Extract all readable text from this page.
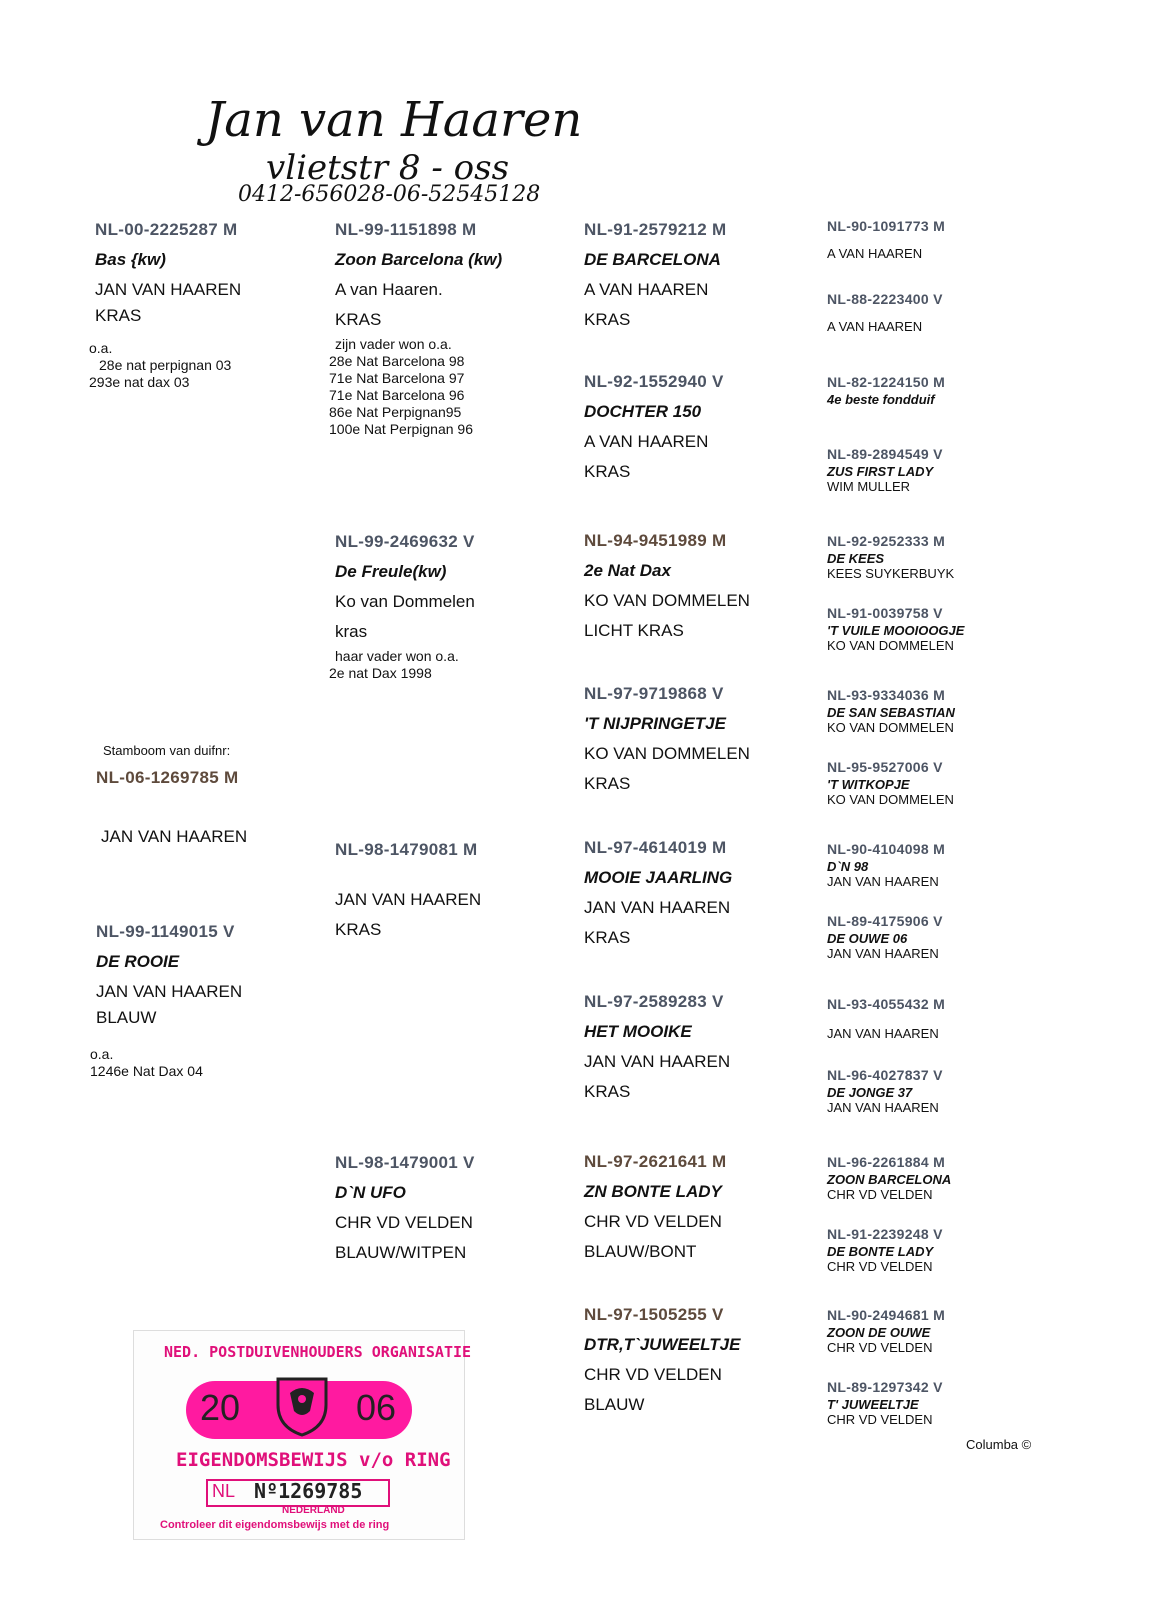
Jan van Haaren
vlietstr 8 - oss
0412-656028-06-52545128
Stamboom van duifnr:
NL-06-1269785 M
JAN VAN HAAREN
NL-00-2225287 M
Bas {kw)
JAN VAN HAAREN
KRAS
o.a.
28e nat perpignan 03
293e nat dax 03
NL-99-1149015 V
DE ROOIE
JAN VAN HAAREN
BLAUW
o.a.
1246e Nat Dax 04
NL-99-1151898 M
Zoon Barcelona (kw)
A van Haaren.
KRAS
zijn vader won o.a.
28e Nat Barcelona 98
71e Nat Barcelona 97
71e Nat Barcelona 96
86e Nat Perpignan95
100e Nat Perpignan 96
NL-99-2469632 V
De Freule(kw)
Ko van Dommelen
kras
haar vader won o.a.
2e nat Dax 1998
NL-98-1479081 M
JAN VAN HAAREN
KRAS
NL-98-1479001 V
D`N UFO
CHR VD VELDEN
BLAUW/WITPEN
NL-91-2579212 M
DE BARCELONA
A VAN HAAREN
KRAS
NL-92-1552940 V
DOCHTER 150
A VAN HAAREN
KRAS
NL-94-9451989 M
2e Nat Dax
KO VAN DOMMELEN
LICHT KRAS
NL-97-9719868 V
'T NIJPRINGETJE
KO VAN DOMMELEN
KRAS
NL-97-4614019 M
MOOIE JAARLING
JAN VAN HAAREN
KRAS
NL-97-2589283 V
HET MOOIKE
JAN VAN HAAREN
KRAS
NL-97-2621641 M
ZN BONTE LADY
CHR VD VELDEN
BLAUW/BONT
NL-97-1505255 V
DTR,T`JUWEELTJE
CHR VD VELDEN
BLAUW
NL-90-1091773 M
A VAN HAAREN
NL-88-2223400 V
A VAN HAAREN
NL-82-1224150 M
4e beste fondduif
NL-89-2894549 V
ZUS FIRST LADY
WIM MULLER
NL-92-9252333 M
DE KEES
KEES SUYKERBUYK
NL-91-0039758 V
'T VUILE MOOIOOGJE
KO VAN DOMMELEN
NL-93-9334036 M
DE SAN SEBASTIAN
KO VAN DOMMELEN
NL-95-9527006 V
'T WITKOPJE
KO VAN DOMMELEN
NL-90-4104098 M
D`N 98
JAN VAN HAAREN
NL-89-4175906 V
DE OUWE 06
JAN VAN HAAREN
NL-93-4055432 M
JAN VAN HAAREN
NL-96-4027837 V
DE JONGE 37
JAN VAN HAAREN
NL-96-2261884 M
ZOON BARCELONA
CHR VD VELDEN
NL-91-2239248 V
DE BONTE LADY
CHR VD VELDEN
NL-90-2494681 M
ZOON DE OUWE
CHR VD VELDEN
NL-89-1297342 V
T' JUWEELTJE
CHR VD VELDEN
NED. POSTDUIVENHOUDERS ORGANISATIE
20	06
EIGENDOMSBEWIJS v/o RING
NL Nº1269785
NEDERLAND
Controleer dit eigendomsbewijs met de ring
Columba ©
